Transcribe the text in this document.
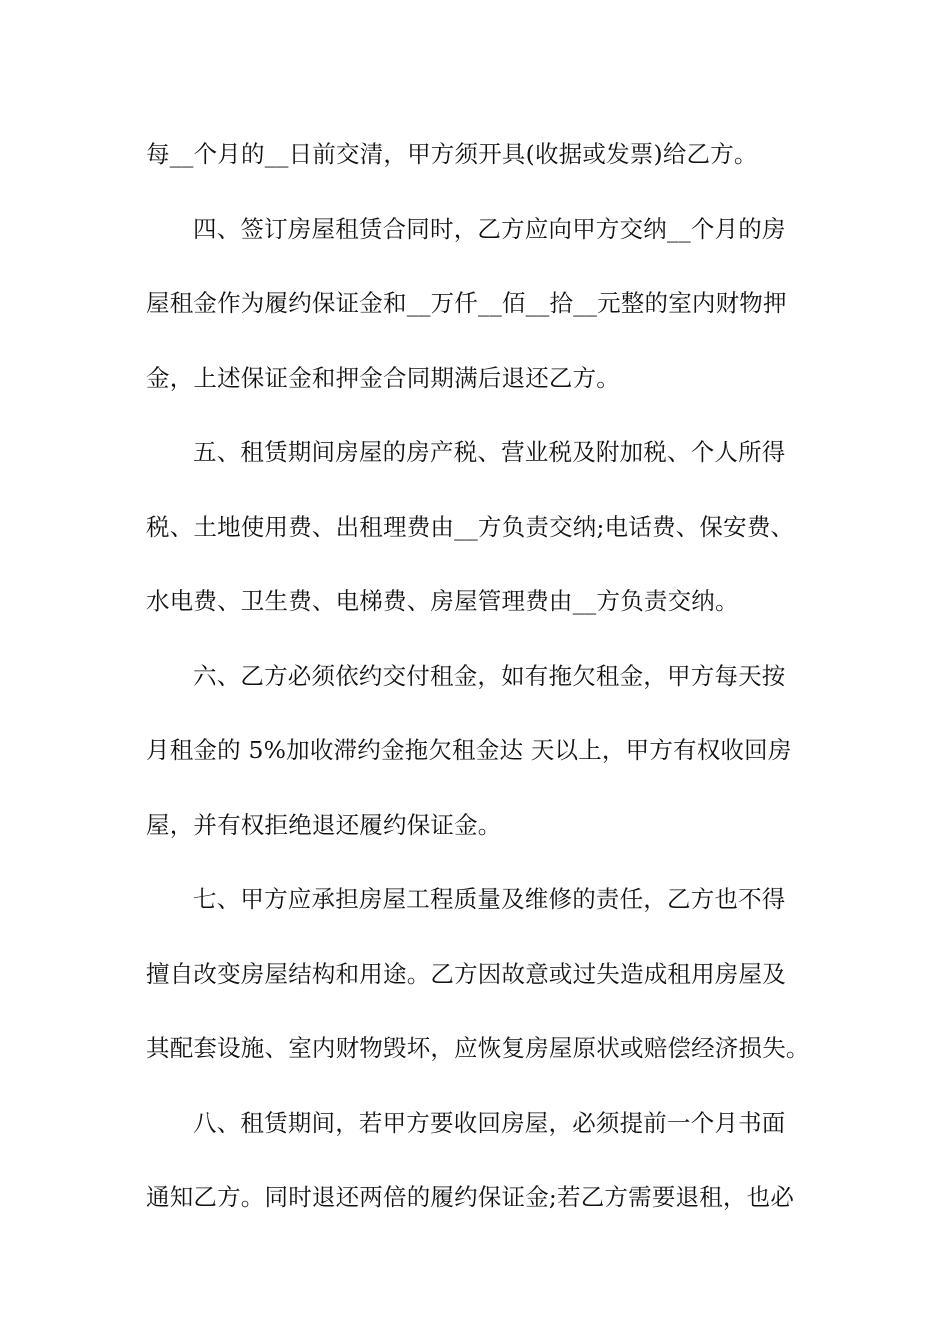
每__个月的__日前交清，甲方须开具(收据或发票)给乙方。
四、签订房屋租赁合同时，乙方应向甲方交纳__个月的房
屋租金作为履约保证金和__万仟__佰__拾__元整的室内财物押
金，上述保证金和押金合同期满后退还乙方。
五、租赁期间房屋的房产税、营业税及附加税、个人所得
税、土地使用费、出租理费由__方负责交纳;电话费、保安费、
水电费、卫生费、电梯费、房屋管理费由__方负责交纳。
六、乙方必须依约交付租金，如有拖欠租金，甲方每天按
月租金的 5%加收滞约金拖欠租金达 天以上，甲方有权收回房
屋，并有权拒绝退还履约保证金。
七、甲方应承担房屋工程质量及维修的责任，乙方也不得
擅自改变房屋结构和用途。乙方因故意或过失造成租用房屋及
其配套设施、室内财物毁坏，应恢复房屋原状或赔偿经济损失。
八、租赁期间，若甲方要收回房屋，必须提前一个月书面
通知乙方。同时退还两倍的履约保证金;若乙方需要退租，也必
